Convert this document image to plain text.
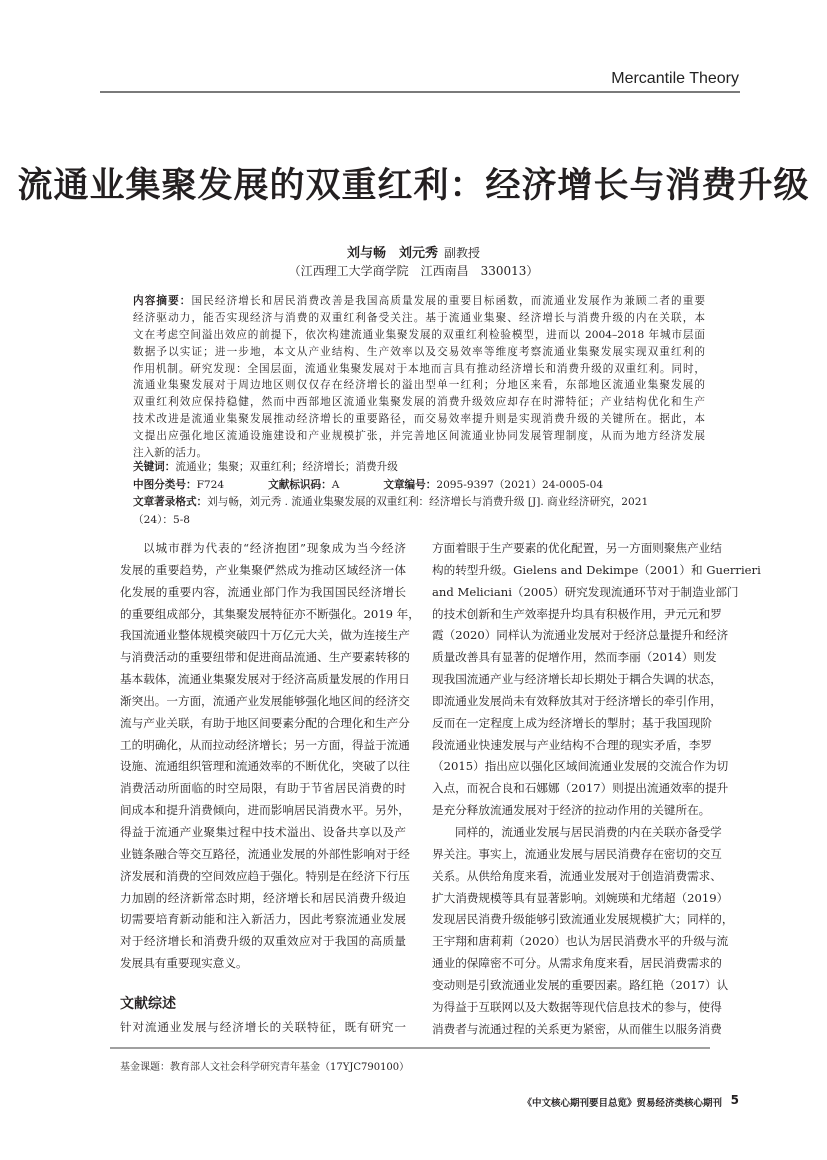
Mercantile Theory
流通业集聚发展的双重红利：经济增长与消费升级
刘与畅　刘元秀 副教授
（江西理工大学商学院　江西南昌　330013）
内容摘要：国民经济增长和居民消费改善是我国高质量发展的重要目标函数，而流通业发展作为兼顾二者的重要
经济驱动力，能否实现经济与消费的双重红利备受关注。基于流通业集聚、经济增长与消费升级的内在关联，本
文在考虑空间溢出效应的前提下，依次构建流通业集聚发展的双重红利检验模型，进而以 2004–2018 年城市层面
数据予以实证；进一步地，本文从产业结构、生产效率以及交易效率等维度考察流通业集聚发展实现双重红利的
作用机制。研究发现：全国层面，流通业集聚发展对于本地而言具有推动经济增长和消费升级的双重红利。同时，
流通业集聚发展对于周边地区则仅仅存在经济增长的溢出型单一红利；分地区来看，东部地区流通业集聚发展的
双重红利效应保持稳健，然而中西部地区流通业集聚发展的消费升级效应却存在时滞特征；产业结构优化和生产
技术改进是流通业集聚发展推动经济增长的重要路径，而交易效率提升则是实现消费升级的关键所在。据此，本
文提出应强化地区流通设施建设和产业规模扩张，并完善地区间流通业协同发展管理制度，从而为地方经济发展
注入新的活力。
关键词：流通业；集聚；双重红利；经济增长；消费升级
中图分类号：F724	文献标识码：A	文章编号：2095-9397（2021）24-0005-04
文章著录格式：刘与畅，刘元秀 . 流通业集聚发展的双重红利：经济增长与消费升级 [J]. 商业经济研究，2021
（24）：5-8
以城市群为代表的“经济抱团”现象成为当今经济
发展的重要趋势，产业集聚俨然成为推动区域经济一体
化发展的重要内容，流通业部门作为我国国民经济增长
的重要组成部分，其集聚发展特征亦不断强化。2019 年，
我国流通业整体规模突破四十万亿元大关，做为连接生产
与消费活动的重要纽带和促进商品流通、生产要素转移的
基本载体，流通业集聚发展对于经济高质量发展的作用日
渐突出。一方面，流通产业发展能够强化地区间的经济交
流与产业关联，有助于地区间要素分配的合理化和生产分
工的明确化，从而拉动经济增长；另一方面，得益于流通
设施、流通组织管理和流通效率的不断优化，突破了以往
消费活动所面临的时空局限，有助于节省居民消费的时
间成本和提升消费倾向，进而影响居民消费水平。另外，
得益于流通产业聚集过程中技术溢出、设备共享以及产
业链条融合等交互路径，流通业发展的外部性影响对于经
济发展和消费的空间效应趋于强化。特别是在经济下行压
力加剧的经济新常态时期，经济增长和居民消费升级迫
切需要培育新动能和注入新活力，因此考察流通业发展
对于经济增长和消费升级的双重效应对于我国的高质量
发展具有重要现实意义。
方面着眼于生产要素的优化配置，另一方面则聚焦产业结
构的转型升级。Gielens and Dekimpe（2001）和 Guerrieri
and Meliciani（2005）研究发现流通环节对于制造业部门
的技术创新和生产效率提升均具有积极作用，尹元元和罗
霞（2020）同样认为流通业发展对于经济总量提升和经济
质量改善具有显著的促增作用，然而李丽（2014）则发
现我国流通产业与经济增长却长期处于耦合失调的状态，
即流通业发展尚未有效释放其对于经济增长的牵引作用，
反而在一定程度上成为经济增长的掣肘；基于我国现阶
段流通业快速发展与产业结构不合理的现实矛盾，李罗
（2015）指出应以强化区域间流通业发展的交流合作为切
入点，而祝合良和石娜娜（2017）则提出流通效率的提升
是充分释放流通发展对于经济的拉动作用的关键所在。
同样的，流通业发展与居民消费的内在关联亦备受学
界关注。事实上，流通业发展与居民消费存在密切的交互
关系。从供给角度来看，流通业发展对于创造消费需求、
扩大消费规模等具有显著影响。刘婉瑛和尤绪超（2019）
发现居民消费升级能够引致流通业发展规模扩大；同样的，
王宇翔和唐莉莉（2020）也认为居民消费水平的升级与流
通业的保障密不可分。从需求角度来看，居民消费需求的
变动则是引致流通业发展的重要因素。路红艳（2017）认
为得益于互联网以及大数据等现代信息技术的参与，使得
消费者与流通过程的关系更为紧密，从而催生以服务消费
文献综述
针对流通业发展与经济增长的关联特征，既有研究一
基金课题：教育部人文社会科学研究青年基金（17YJC790100）
《中文核心期刊要目总览》贸易经济类核心期刊 5
